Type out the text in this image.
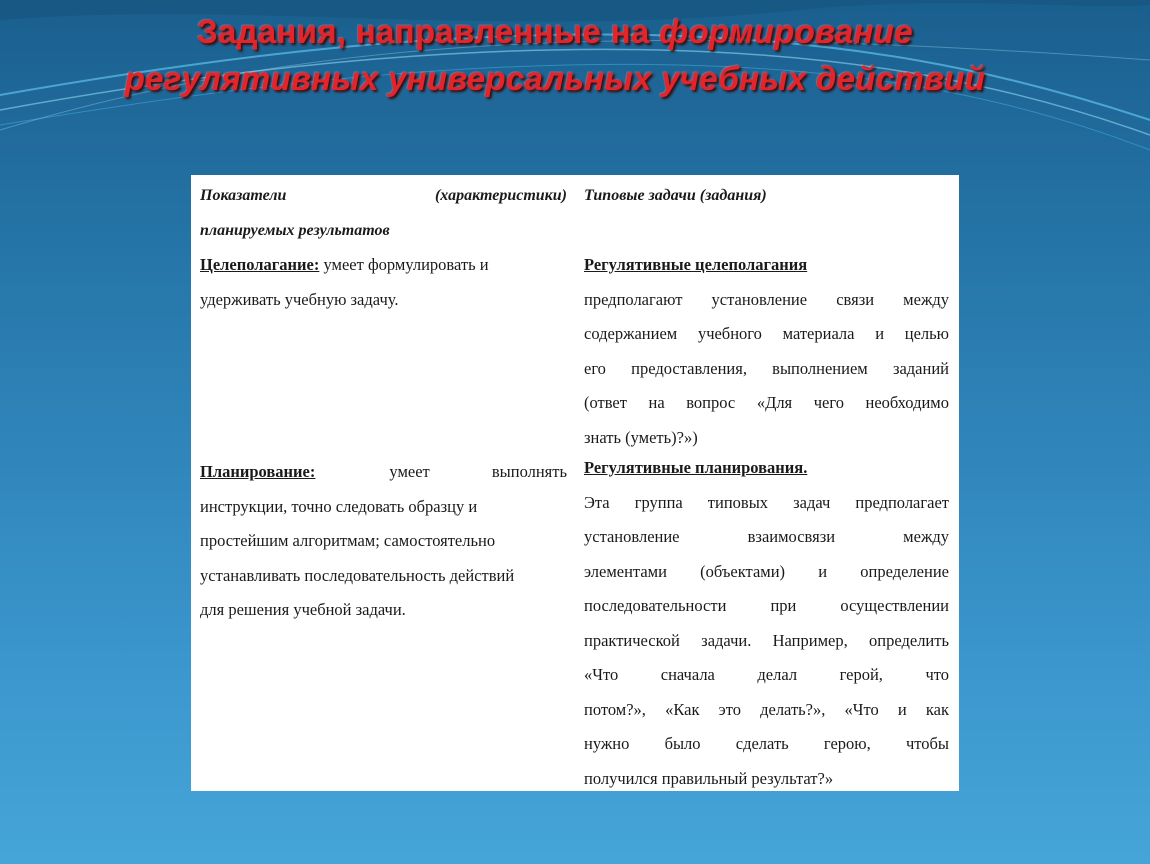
Задания, направленные на формирование
регулятивных универсальных учебных действий
Показатели	(характеристики)
планируемых результатов
Целеполагание: умеет формулировать и
удерживать учебную задачу.
Планирование:	умеет выполнять
инструкции, точно следовать образцу и
простейшим алгоритмам; самостоятельно
устанавливать последовательность действий
для решения учебной задачи.
Типовые задачи (задания)
Регулятивные целеполагания
предполагают установление связи между
содержанием учебного материала и целью
его предоставления, выполнением заданий
(ответ на вопрос «Для чего необходимо
знать (уметь)?»)
Регулятивные планирования.
Эта группа типовых задач предполагает
установление взаимосвязи между
элементами (объектами) и определение
последовательности при осуществлении
практической задачи. Например, определить
«Что сначала делал герой, что
потом?», «Как это делать?», «Что и как
нужно было сделать герою, чтобы
получился правильный результат?»
